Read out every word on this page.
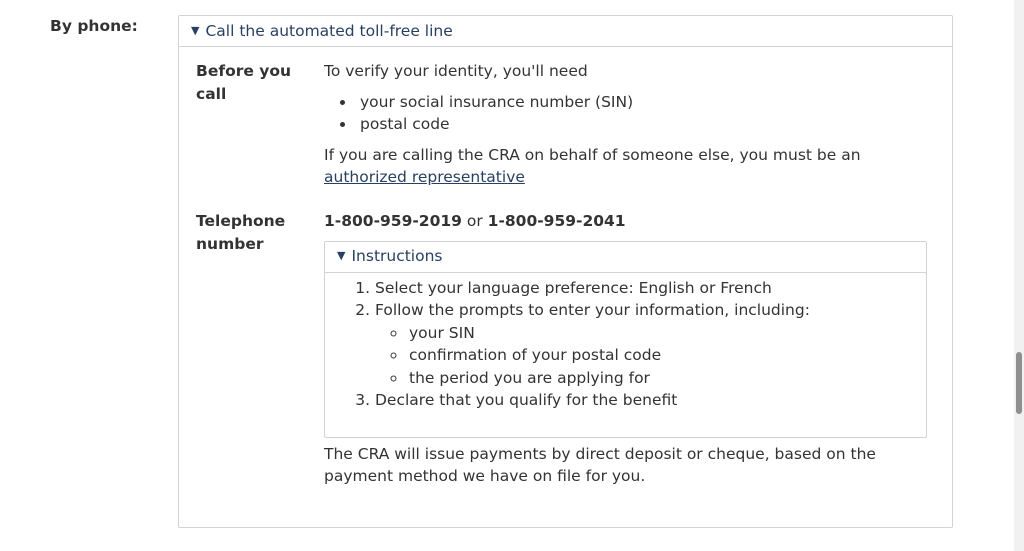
By phone:	▼ Call the automated toll-free line
Before you call
To verify your identity, you'll need
• your social insurance number (SIN)
• postal code

If you are calling the CRA on behalf of someone else, you must be an authorized representative

Telephone number
1-800-959-2019 or 1-800-959-2041
▼ Instructions
1. Select your language preference: English or French
2. Follow the prompts to enter your information, including:
◦ your SIN
◦ confirmation of your postal code
◦ the period you are applying for
3. Declare that you qualify for the benefit

The CRA will issue payments by direct deposit or cheque, based on the payment method we have on file for you.
